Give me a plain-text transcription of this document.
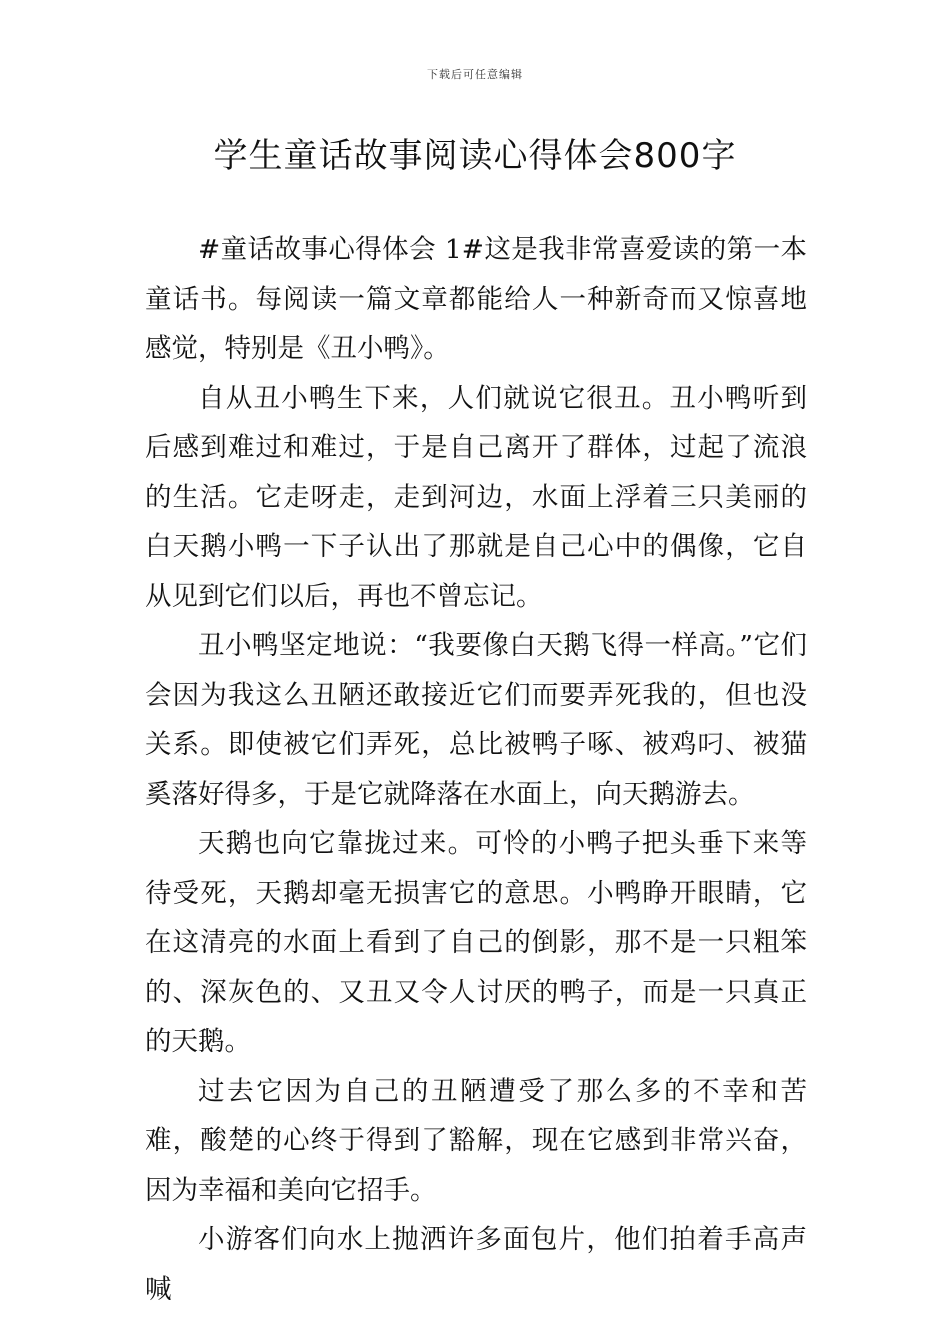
下载后可任意编辑
学生童话故事阅读心得体会800字

#童话故事心得体会 1#这是我非常喜爱读的第一本童话书。每阅读一篇文章都能给人一种新奇而又惊喜地感觉，特别是《丑小鸭》。

自从丑小鸭生下来，人们就说它很丑。丑小鸭听到后感到难过和难过，于是自己离开了群体，过起了流浪的生活。它走呀走，走到河边，水面上浮着三只美丽的白天鹅小鸭一下子认出了那就是自己心中的偶像，它自从见到它们以后，再也不曾忘记。

丑小鸭坚定地说：“我要像白天鹅飞得一样高。”它们会因为我这么丑陋还敢接近它们而要弄死我的，但也没关系。即使被它们弄死，总比被鸭子啄、被鸡叼、被猫奚落好得多，于是它就降落在水面上，向天鹅游去。

天鹅也向它靠拢过来。可怜的小鸭子把头垂下来等待受死，天鹅却毫无损害它的意思。小鸭睁开眼睛，它在这清亮的水面上看到了自己的倒影，那不是一只粗笨的、深灰色的、又丑又令人讨厌的鸭子，而是一只真正的天鹅。

过去它因为自己的丑陋遭受了那么多的不幸和苦难，酸楚的心终于得到了豁解，现在它感到非常兴奋，因为幸福和美向它招手。

小游客们向水上抛洒许多面包片，他们拍着手高声喊
